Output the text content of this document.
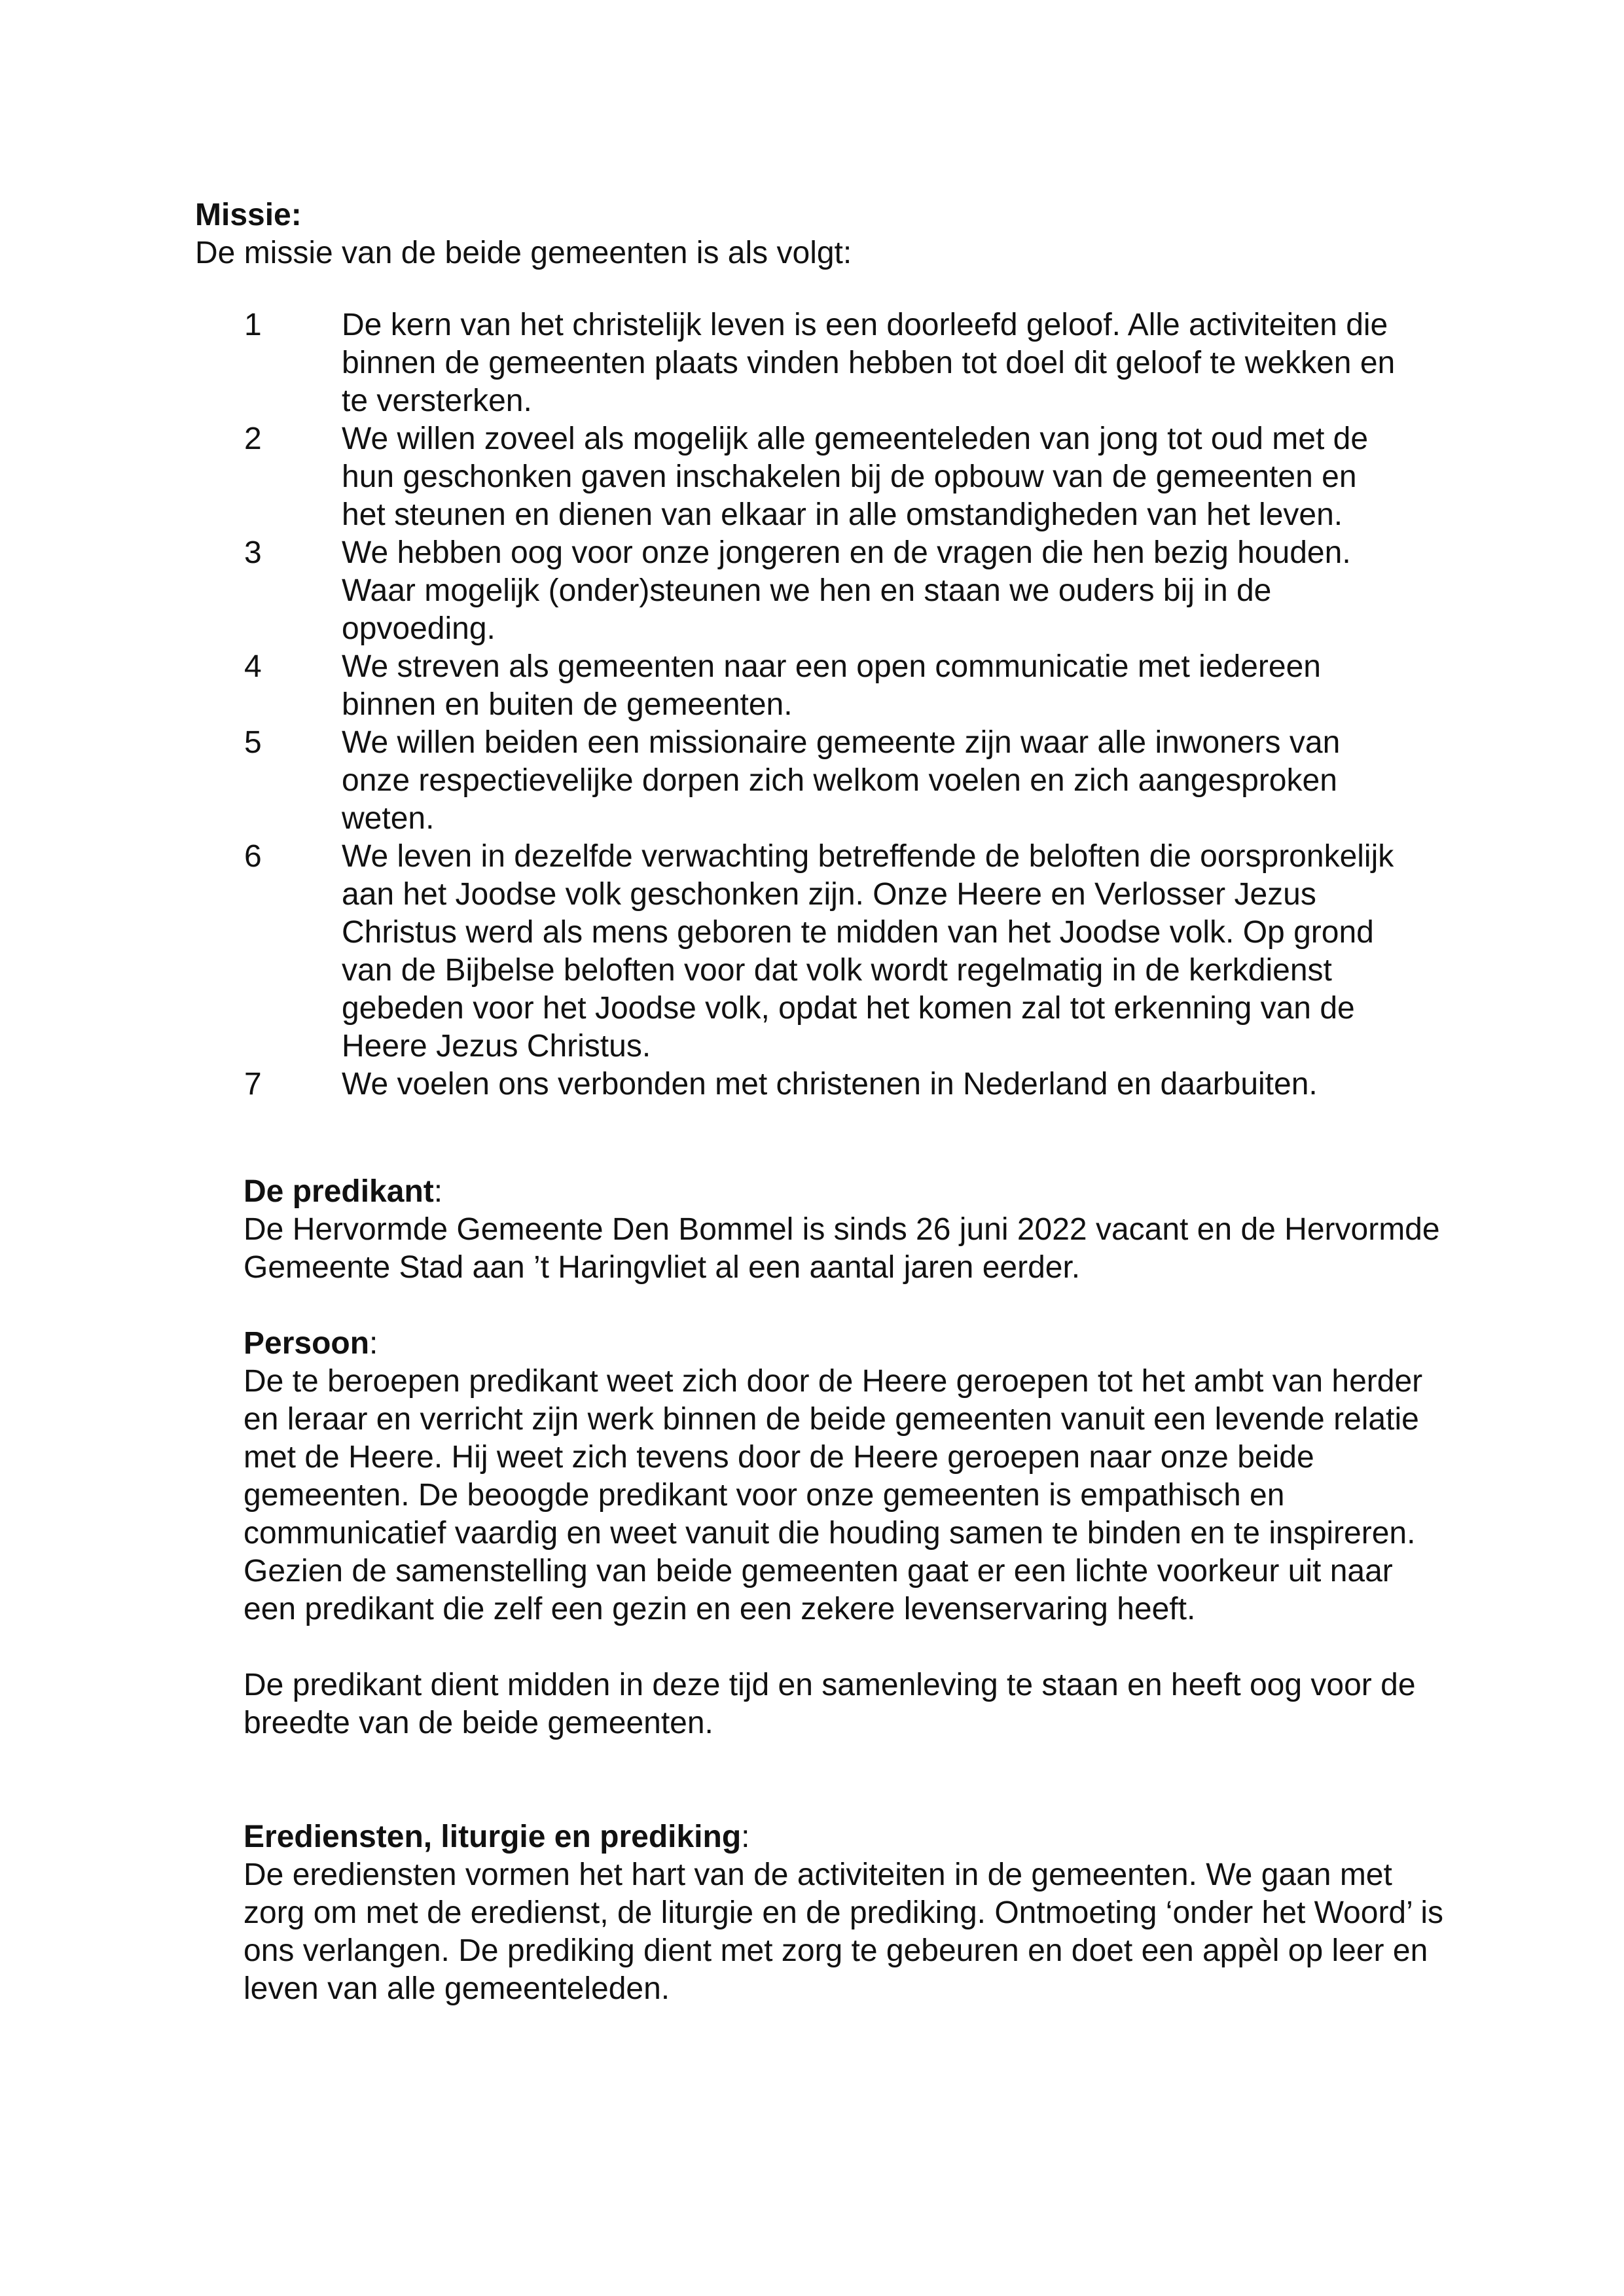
Missie:
De missie van de beide gemeenten is als volgt:
1	De kern van het christelijk leven is een doorleefd geloof. Alle activiteiten die binnen de gemeenten plaats vinden hebben tot doel dit geloof te wekken en te versterken.
2	We willen zoveel als mogelijk alle gemeenteleden van jong tot oud met de hun geschonken gaven inschakelen bij de opbouw van de gemeenten en het steunen en dienen van elkaar in alle omstandigheden van het leven.
3	We hebben oog voor onze jongeren en de vragen die hen bezig houden. Waar mogelijk (onder)steunen we hen en staan we ouders bij in de opvoeding.
4	We streven als gemeenten naar een open communicatie met iedereen binnen en buiten de gemeenten.
5	We willen beiden een missionaire gemeente zijn waar alle inwoners van onze respectievelijke dorpen zich welkom voelen en zich aangesproken weten.
6	We leven in dezelfde verwachting betreffende de beloften die oorspronkelijk aan het Joodse volk geschonken zijn. Onze Heere en Verlosser Jezus Christus werd als mens geboren te midden van het Joodse volk. Op grond van de Bijbelse beloften voor dat volk wordt regelmatig in de kerkdienst gebeden voor het Joodse volk, opdat het komen zal tot erkenning van de Heere Jezus Christus.
7	We voelen ons verbonden met christenen in Nederland en daarbuiten.
De predikant:

De Hervormde Gemeente Den Bommel is sinds 26 juni 2022 vacant en de Hervormde Gemeente Stad aan ’t Haringvliet al een aantal jaren eerder.

Persoon:

De te beroepen predikant weet zich door de Heere geroepen tot het ambt van herder en leraar en verricht zijn werk binnen de beide gemeenten vanuit een levende relatie met de Heere. Hij weet zich tevens door de Heere geroepen naar onze beide gemeenten. De beoogde predikant voor onze gemeenten is empathisch en communicatief vaardig en weet vanuit die houding samen te binden en te inspireren. Gezien de samenstelling van beide gemeenten gaat er een lichte voorkeur uit naar een predikant die zelf een gezin en een zekere levenservaring heeft.

De predikant dient midden in deze tijd en samenleving te staan en heeft oog voor de breedte van de beide gemeenten.

Erediensten, liturgie en prediking:

De erediensten vormen het hart van de activiteiten in de gemeenten. We gaan met zorg om met de eredienst, de liturgie en de prediking. Ontmoeting ‘onder het Woord’ is ons verlangen. De prediking dient met zorg te gebeuren en doet een appèl op leer en leven van alle gemeenteleden.
